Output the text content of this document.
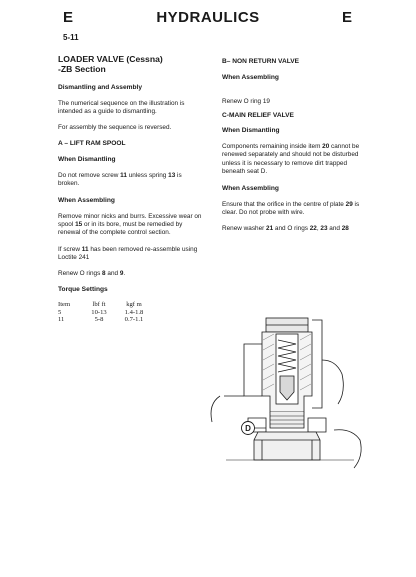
E	HYDRAULICS	E
5-11
LOADER VALVE (Cessna)
-ZB Section
Dismantling and Assembly

The numerical sequence on the illustration is intended as a guide to dismantling.

For assembly the sequence is reversed.

A – LIFT RAM SPOOL
When Dismantling

Do not remove screw 11 unless spring 13 is broken.

When Assembling

Remove minor nicks and burrs. Excessive wear on spool 15 or in its bore, must be remedied by renewal of the complete control section.

If screw 11 has been removed re-assemble using Loctite 241

Renew O rings 8 and 9.

Torque Settings
Item	lbf ft	kgf m
5	10-13	1.4-1.8
11	5-8	0.7-1.1
B– NON RETURN VALVE
When Assembling

Renew O ring 19

C-MAIN RELIEF VALVE
When Dismantling

Components remaining inside item 20 cannot be renewed separately and should not be disturbed unless it is necessary to remove dirt trapped beneath seat D.

When Assembling

Ensure that the orifice in the centre of plate 29 is clear. Do not probe with wire.

Renew washer 21 and O rings 22, 23 and 28

D
